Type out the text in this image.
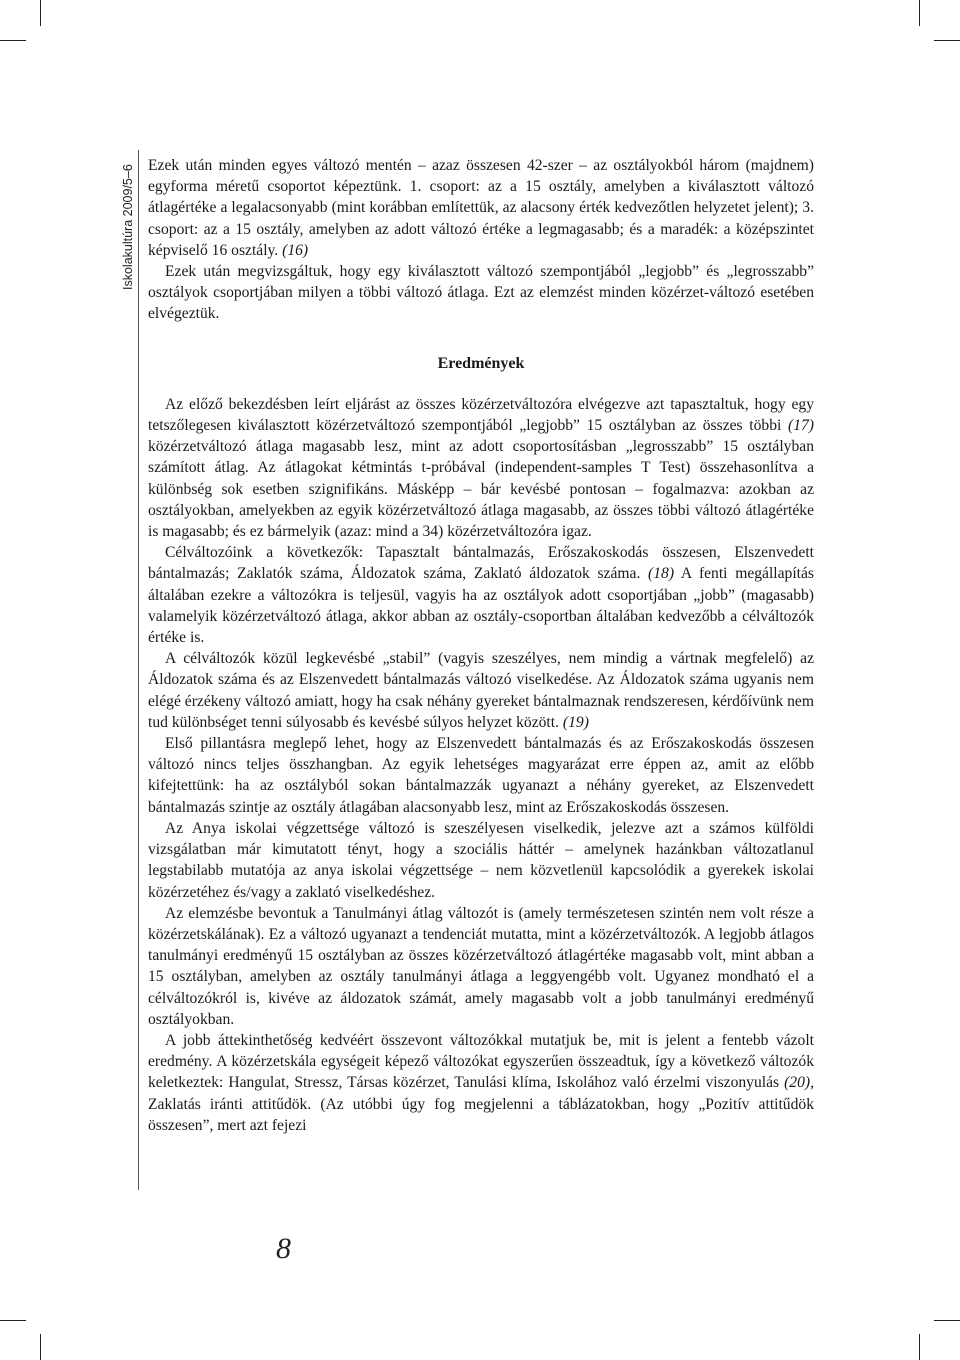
Iskolakultúra 2009/5–6 Ezek után minden egyes változó mentén – azaz összesen 42-szer – az osztályokból három (majdnem) egyforma méretű csoportot képeztünk. 1. csoport: az a 15 osztály, amelyben a kiválasztott változó átlagértéke a legalacsonyabb (mint korábban említettük, az alacsony érték kedvezőtlen helyzetet jelent); 3. csoport: az a 15 osztály, amelyben az adott változó értéke a legmagasabb; és a maradék: a középszintet képviselő 16 osztály. (16)

Ezek után megvizsgáltuk, hogy egy kiválasztott változó szempontjából „legjobb” és „legrosszabb” osztályok csoportjában milyen a többi változó átlaga. Ezt az elemzést minden közérzet-változó esetében elvégeztük.

Eredmények

Az előző bekezdésben leírt eljárást az összes közérzetváltozóra elvégezve azt tapasztaltuk, hogy egy tetszőlegesen kiválasztott közérzetváltozó szempontjából „legjobb” 15 osztályban az összes többi (17) közérzetváltozó átlaga magasabb lesz, mint az adott csoportosításban „legrosszabb” 15 osztályban számított átlag. Az átlagokat kétmintás t-próbával (independent-samples T Test) összehasonlítva a különbség sok esetben szignifikáns. Másképp – bár kevésbé pontosan – fogalmazva: azokban az osztályokban, amelyekben az egyik közérzetváltozó átlaga magasabb, az összes többi változó átlagértéke is magasabb; és ez bármelyik (azaz: mind a 34) közérzetváltozóra igaz.

Célváltozóink a következők: Tapasztalt bántalmazás, Erőszakoskodás összesen, Elszenvedett bántalmazás; Zaklatók száma, Áldozatok száma, Zaklató áldozatok száma. (18) A fenti megállapítás általában ezekre a változókra is teljesül, vagyis ha az osztályok adott csoportjában „jobb” (magasabb) valamelyik közérzetváltozó átlaga, akkor abban az osztály-csoportban általában kedvezőbb a célváltozók értéke is.

A célváltozók közül legkevésbé „stabil” (vagyis szeszélyes, nem mindig a vártnak megfelelő) az Áldozatok száma és az Elszenvedett bántalmazás változó viselkedése. Az Áldozatok száma ugyanis nem elégé érzékeny változó amiatt, hogy ha csak néhány gyereket bántalmaznak rendszeresen, kérdőívünk nem tud különbséget tenni súlyosabb és kevésbé súlyos helyzet között. (19)

Első pillantásra meglepő lehet, hogy az Elszenvedett bántalmazás és az Erőszakoskodás összesen változó nincs teljes összhangban. Az egyik lehetséges magyarázat erre éppen az, amit az előbb kifejtettünk: ha az osztályból sokan bántalmazzák ugyanazt a néhány gyereket, az Elszenvedett bántalmazás szintje az osztály átlagában alacsonyabb lesz, mint az Erőszakoskodás összesen.

Az Anya iskolai végzettsége változó is szeszélyesen viselkedik, jelezve azt a számos külföldi vizsgálatban már kimutatott tényt, hogy a szociális háttér – amelynek hazánkban változatlanul legstabilabb mutatója az anya iskolai végzettsége – nem közvetlenül kapcsolódik a gyerekek iskolai közérzetéhez és/vagy a zaklató viselkedéshez.

Az elemzésbe bevontuk a Tanulmányi átlag változót is (amely természetesen szintén nem volt része a közérzetskálának). Ez a változó ugyanazt a tendenciát mutatta, mint a közérzetváltozók. A legjobb átlagos tanulmányi eredményű 15 osztályban az összes közérzetváltozó átlagértéke magasabb volt, mint abban a 15 osztályban, amelyben az osztály tanulmányi átlaga a leggyengébb volt. Ugyanez mondható el a célváltozókról is, kivéve az áldozatok számát, amely magasabb volt a jobb tanulmányi eredményű osztályokban.

A jobb áttekinthetőség kedvéért összevont változókkal mutatjuk be, mit is jelent a fentebb vázolt eredmény. A közérzetskála egységeit képező változókat egyszerűen összeadtuk, így a következő változók keletkeztek: Hangulat, Stressz, Társas közérzet, Tanulási klíma, Iskolához való érzelmi viszonyulás (20), Zaklatás iránti attitűdök. (Az utóbbi úgy fog megjelenni a táblázatokban, hogy „Pozitív attitűdök összesen”, mert azt fejezi

8
